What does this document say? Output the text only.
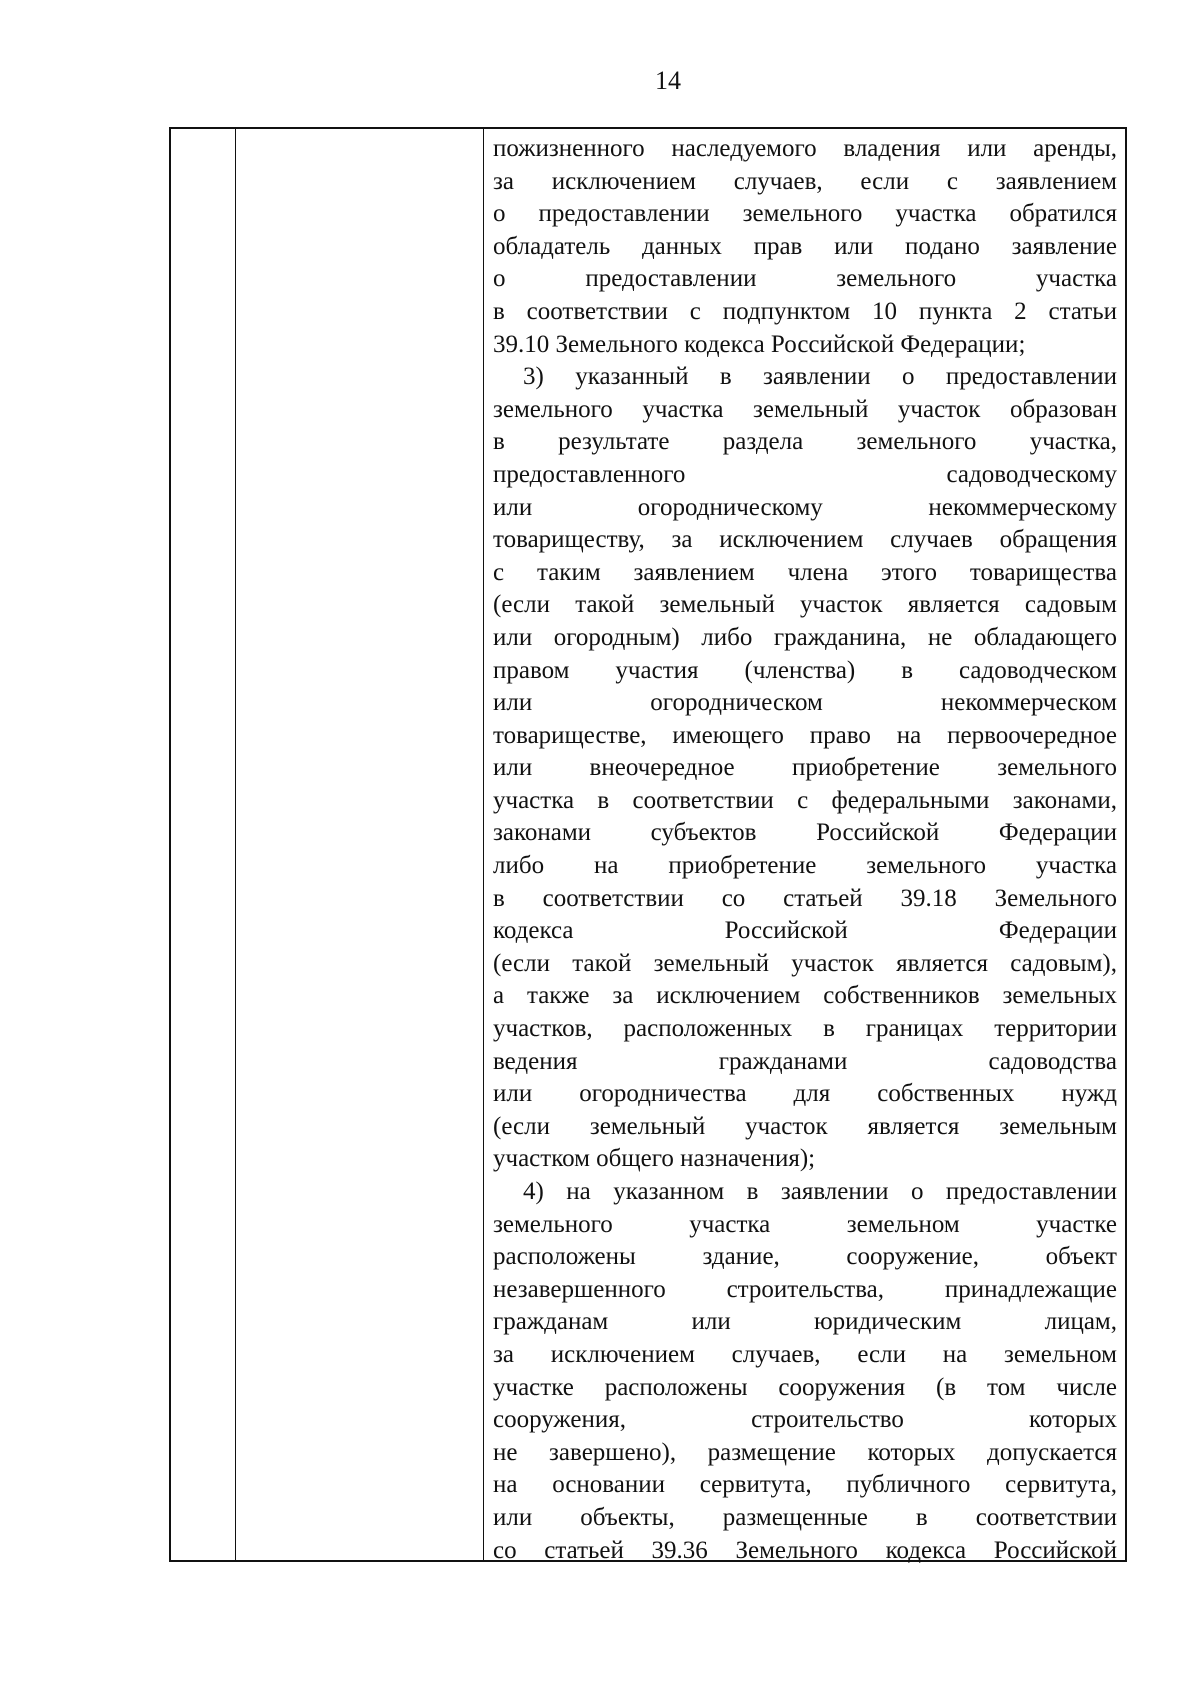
14
пожизненного наследуемого владения или аренды,
за исключением случаев, если с заявлением
о предоставлении земельного участка обратился
обладатель данных прав или подано заявление
о предоставлении земельного участка
в соответствии с подпунктом 10 пункта 2 статьи
39.10 Земельного кодекса Российской Федерации;
3) указанный в заявлении о предоставлении
земельного участка земельный участок образован
в результате раздела земельного участка,
предоставленного садоводческому
или огородническому некоммерческому
товариществу, за исключением случаев обращения
с таким заявлением члена этого товарищества
(если такой земельный участок является садовым
или огородным) либо гражданина, не обладающего
правом участия (членства) в садоводческом
или огородническом некоммерческом
товариществе, имеющего право на первоочередное
или внеочередное приобретение земельного
участка в соответствии с федеральными законами,
законами субъектов Российской Федерации
либо на приобретение земельного участка
в соответствии со статьей 39.18 Земельного
кодекса Российской Федерации
(если такой земельный участок является садовым),
а также за исключением собственников земельных
участков, расположенных в границах территории
ведения гражданами садоводства
или огородничества для собственных нужд
(если земельный участок является земельным
участком общего назначения);
4) на указанном в заявлении о предоставлении
земельного участка земельном участке
расположены здание, сооружение, объект
незавершенного строительства, принадлежащие
гражданам или юридическим лицам,
за исключением случаев, если на земельном
участке расположены сооружения (в том числе
сооружения, строительство которых
не завершено), размещение которых допускается
на основании сервитута, публичного сервитута,
или объекты, размещенные в соответствии
со статьей 39.36 Земельного кодекса Российской
